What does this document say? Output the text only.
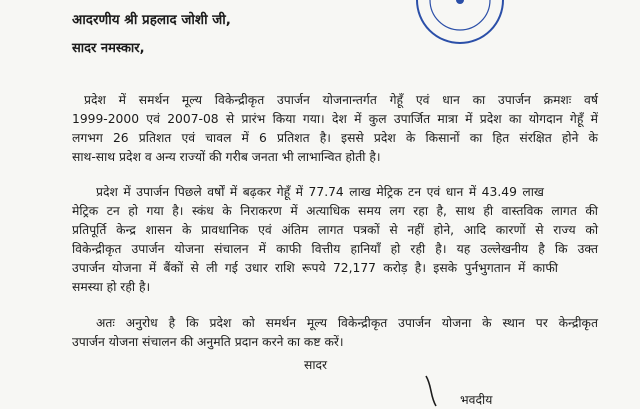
आदरणीय श्री प्रहलाद जोशी जी,
सादर नमस्कार,
प्रदेश में समर्थन मूल्य विकेन्द्रीकृत उपार्जन योजनान्तर्गत गेहूँ एवं धान का उपार्जन क्रमशः वर्ष
1999-2000 एवं 2007-08 से प्रारंभ किया गया। देश में कुल उपार्जित मात्रा में प्रदेश का योगदान गेहूँ में
लगभग 26 प्रतिशत एवं चावल में 6 प्रतिशत है। इससे प्रदेश के किसानों का हित संरक्षित होने के
साथ-साथ प्रदेश व अन्य राज्यों की गरीब जनता भी लाभान्वित होती है।
प्रदेश में उपार्जन पिछले वर्षों में बढ़कर गेहूँ में 77.74 लाख मेट्रिक टन एवं धान में 43.49 लाख
मेट्रिक टन हो गया है। स्कंध के निराकरण में अत्याधिक समय लग रहा है, साथ ही वास्तविक लागत की
प्रतिपूर्ति केन्द्र शासन के प्रावधानिक एवं अंतिम लागत पत्रकों से नहीं होने, आदि कारणों से राज्य को
विकेन्द्रीकृत उपार्जन योजना संचालन में काफी वित्तीय हानियाँ हो रही है। यह उल्लेखनीय है कि उक्त
उपार्जन योजना में बैंकों से ली गई उधार राशि रूपये 72,177 करोड़ है। इसके पुर्नभुगतान में काफी
समस्या हो रही है।
अतः अनुरोध है कि प्रदेश को समर्थन मूल्य विकेन्द्रीकृत उपार्जन योजना के स्थान पर केन्द्रीकृत
उपार्जन योजना संचालन की अनुमति प्रदान करने का कष्ट करें।
सादर
भवदीय
